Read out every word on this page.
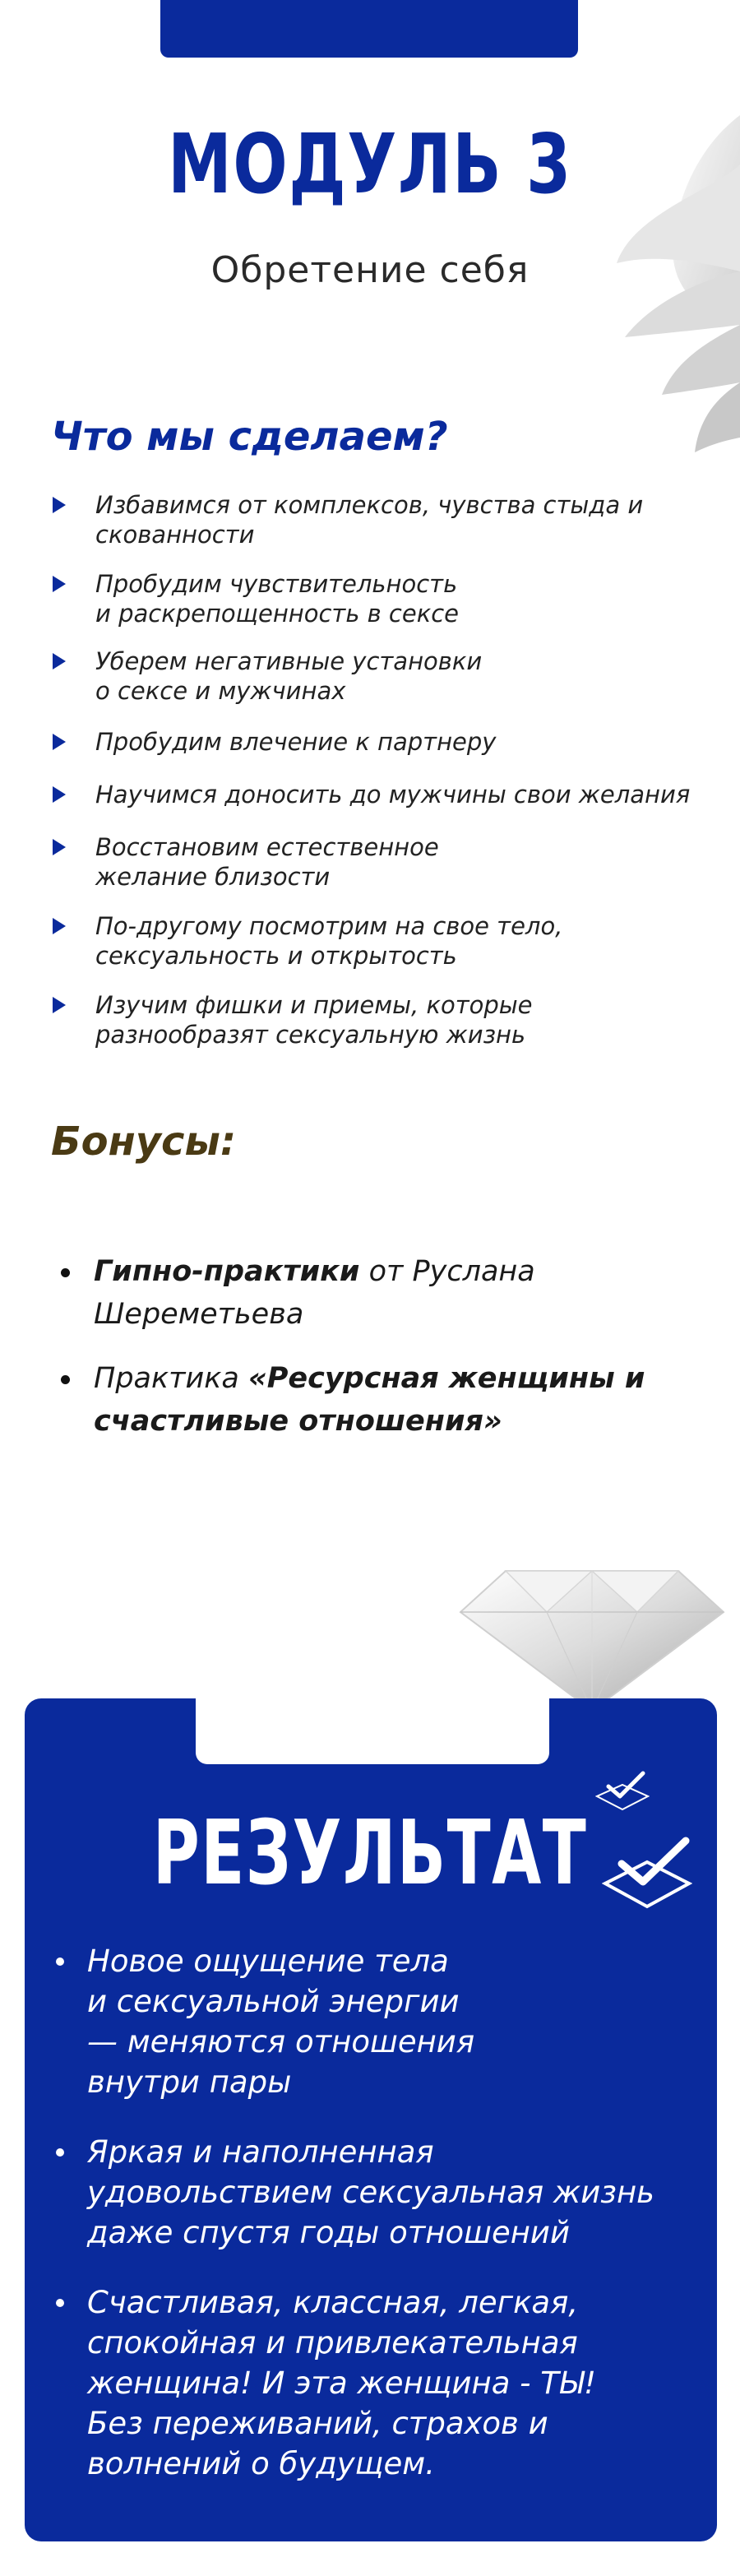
МОДУЛЬ 3
Обретение себя
Что мы сделаем?
Избавимся от комплексов, чувства стыда и
скованности
Пробудим чувствительность
и раскрепощенность в сексе
Уберем негативные установки
о сексе и мужчинах
Пробудим влечение к партнеру
Научимся доносить до мужчины свои желания
Восстановим естественное
желание близости
По-другому посмотрим на свое тело,
сексуальность и открытость
Изучим фишки и приемы, которые
разнообразят сексуальную жизнь
Бонусы:
Гипно-практики от Руслана
Шереметьева
Практика «Ресурсная женщины и
счастливые отношения»
РЕЗУЛЬТАТ
Новое ощущение тела
и сексуальной энергии
— меняются отношения
внутри пары
Яркая и наполненная
удовольствием сексуальная жизнь
даже спустя годы отношений
Счастливая, классная, легкая,
спокойная и привлекательная
женщина! И эта женщина - ТЫ!
Без переживаний, страхов и
волнений о будущем.
